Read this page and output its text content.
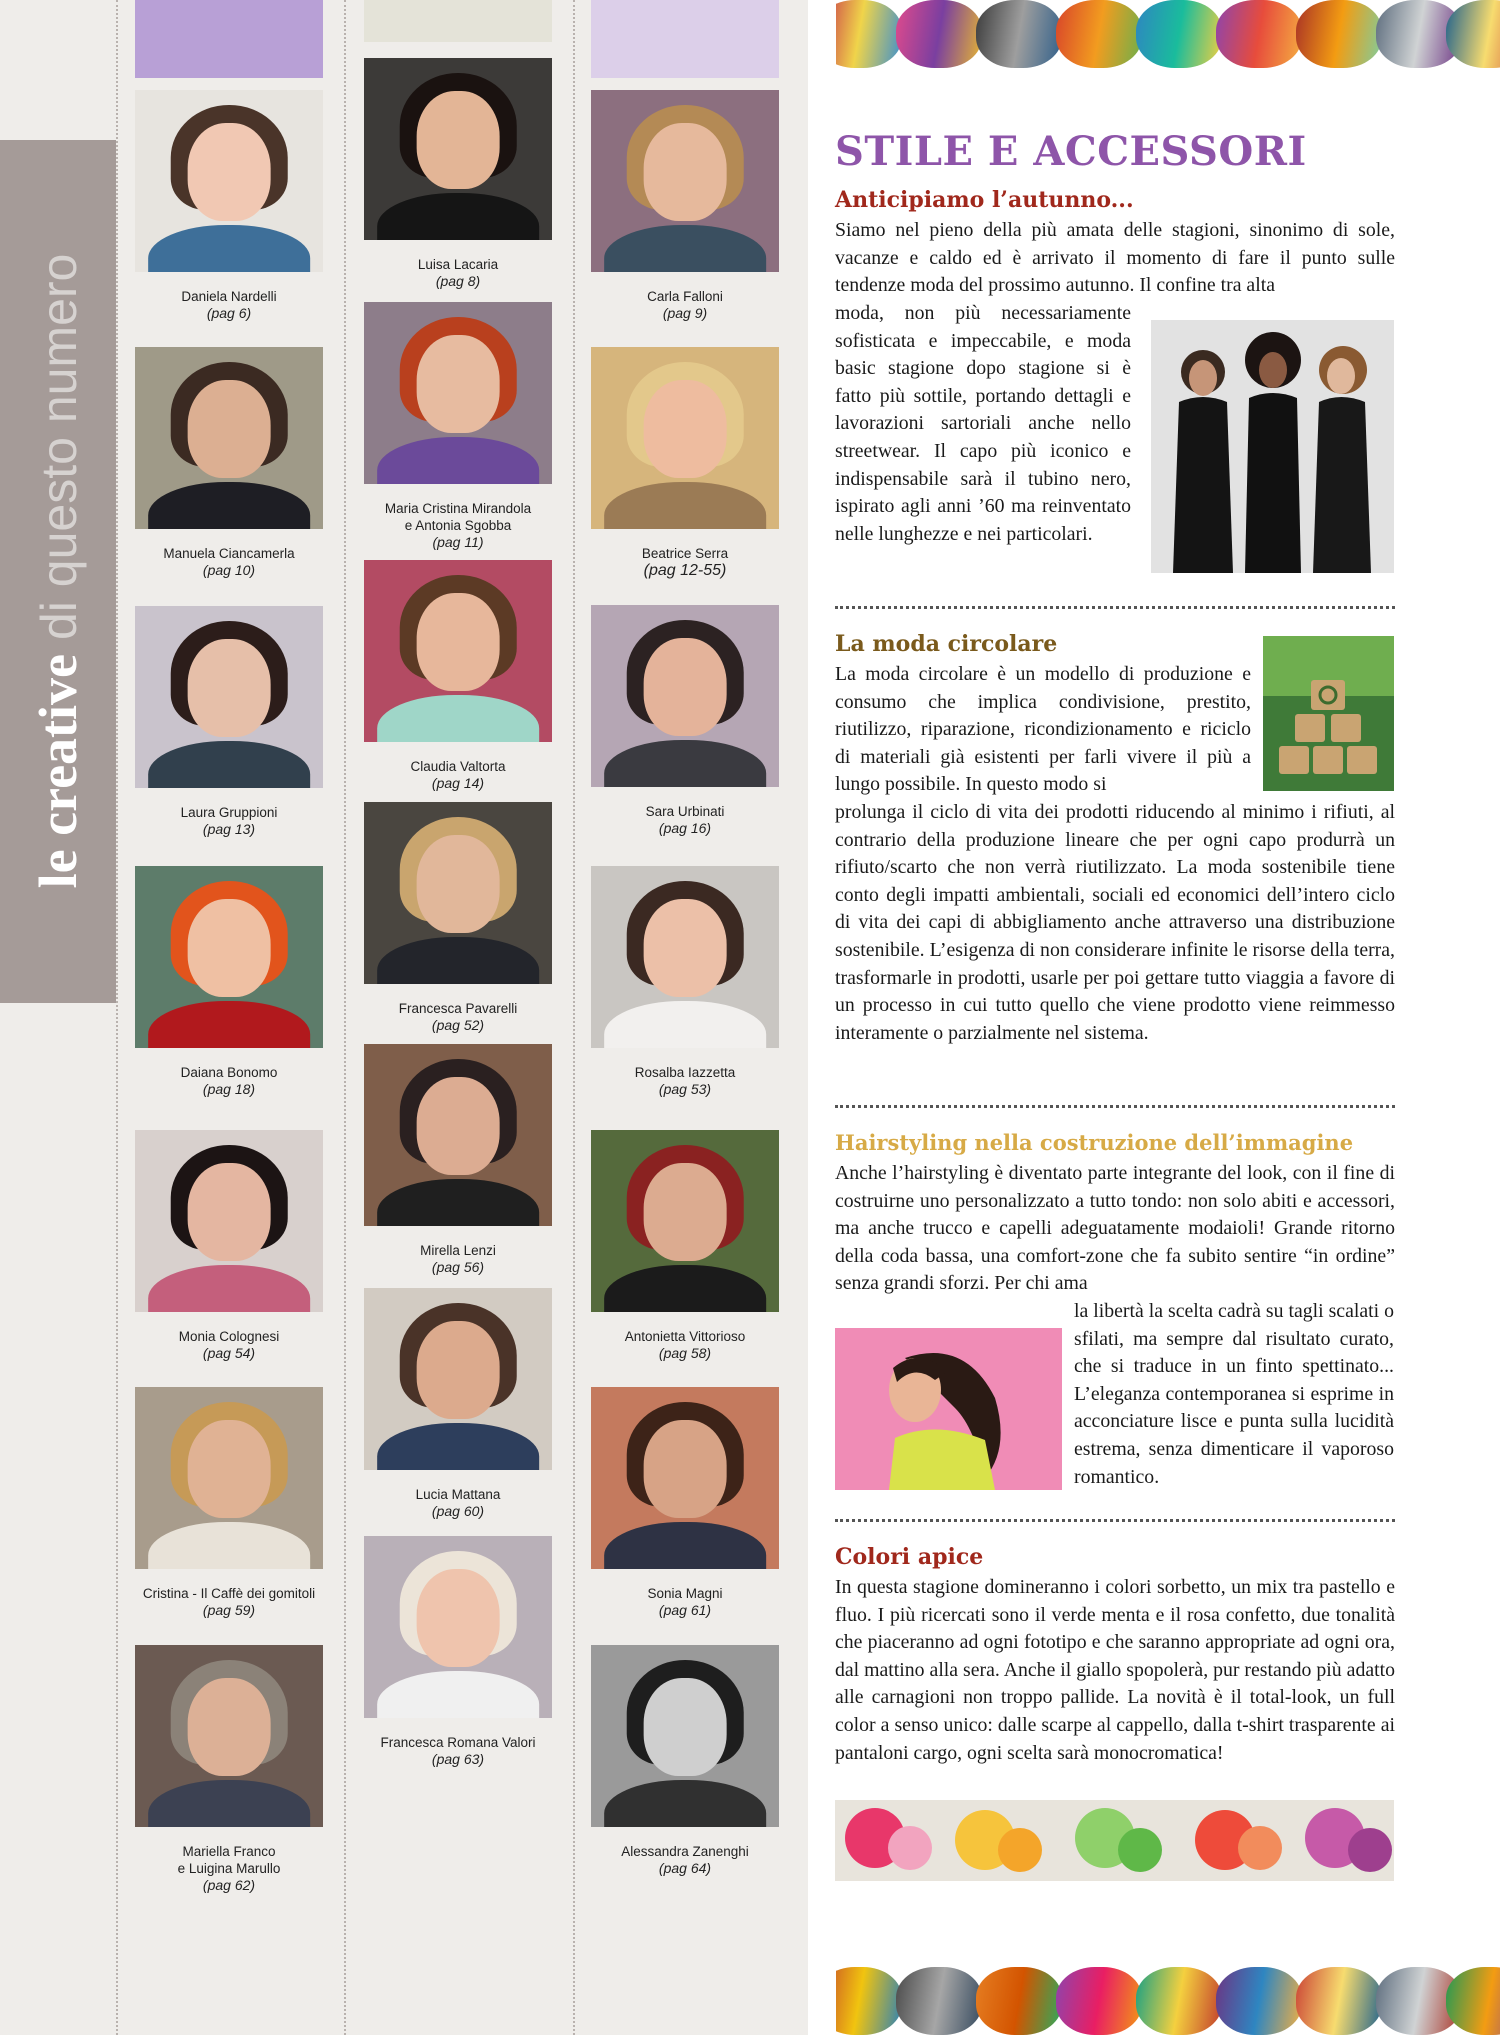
le creativedi questo numero	Daniela Nardelli
(pag 6)
Manuela Ciancamerla
(pag 10)
Laura Gruppioni
(pag 13)
Daiana Bonomo
(pag 18)
Monia Colognesi
(pag 54)
Cristina - Il Caffè dei gomitoli
(pag 59)
Mariella Franco
e Luigina Marullo
(pag 62)
Luisa Lacaria
(pag 8)
Maria Cristina Mirandola
e Antonia Sgobba
(pag 11)
Claudia Valtorta
(pag 14)
Francesca Pavarelli
(pag 52)
Mirella Lenzi
(pag 56)
Lucia Mattana
(pag 60)
Francesca Romana Valori
(pag 63)
Carla Falloni
(pag 9)
Beatrice Serra
(pag 12-55)
Sara Urbinati
(pag 16)
Rosalba Iazzetta
(pag 53)
Antonietta Vittorioso
(pag 58)
Sonia Magni
(pag 61)
Alessandra Zanenghi
(pag 64)
STILE E ACCESSORI
Anticipiamo l’autunno...
Siamo nel pieno della più amata delle stagioni, sinonimo di sole, vacanze e caldo ed è arrivato il momento di fare il punto sulle tendenze moda del prossimo autunno. Il confine tra alta
moda, non più necessariamente sofisticata e impeccabile, e moda basic stagione dopo stagione si è fatto più sottile, portando dettagli e lavorazioni sartoriali anche nello streetwear. Il capo più iconico e indispensabile sarà il tubino nero, ispirato agli anni ’60 ma reinventato nelle lunghezze e nei particolari.
La moda circolare
La moda circolare è un modello di produzione e consumo che implica condivisione, prestito, riutilizzo, riparazione, ricondizionamento e riciclo di materiali già esistenti per farli vivere il più a lungo possibile. In questo modo si
prolunga il ciclo di vita dei prodotti riducendo al minimo i rifiuti, al contrario della produzione lineare che per ogni capo produrrà un rifiuto/scarto che non verrà riutilizzato. La moda sostenibile tiene conto degli impatti ambientali, sociali ed economici dell’intero ciclo di vita dei capi di abbigliamento anche attraverso una distribuzione sostenibile. L’esigenza di non considerare infinite le risorse della terra, trasformarle in prodotti, usarle per poi gettare tutto viaggia a favore di un processo in cui tutto quello che viene prodotto viene reimmesso interamente o parzialmente nel sistema.
Hairstyling nella costruzione dell’immagine
Anche l’hairstyling è diventato parte integrante del look, con il fine di costruirne uno personalizzato a tutto tondo: non solo abiti e accessori, ma anche trucco e capelli adeguatamente modaioli! Grande ritorno della coda bassa, una comfort-zone che fa subito sentire “in ordine” senza grandi sforzi. Per chi ama
la libertà la scelta cadrà su tagli scalati o sfilati, ma sempre dal risultato curato, che si traduce in un finto spettinato... L’eleganza contemporanea si esprime in acconciature lisce e punta sulla lucidità estrema, senza dimenticare il vaporoso romantico.
Colori apice
In questa stagione domineranno i colori sorbetto, un mix tra pastello e fluo. I più ricercati sono il verde menta e il rosa confetto, due tonalità che piaceranno ad ogni fototipo e che saranno appropriate ad ogni ora, dal mattino alla sera. Anche il giallo spopolerà, pur restando più adatto alle carnagioni non troppo pallide. La novità è il total-look, un full color a senso unico: dalle scarpe al cappello, dalla t-shirt trasparente ai pantaloni cargo, ogni scelta sarà monocromatica!
